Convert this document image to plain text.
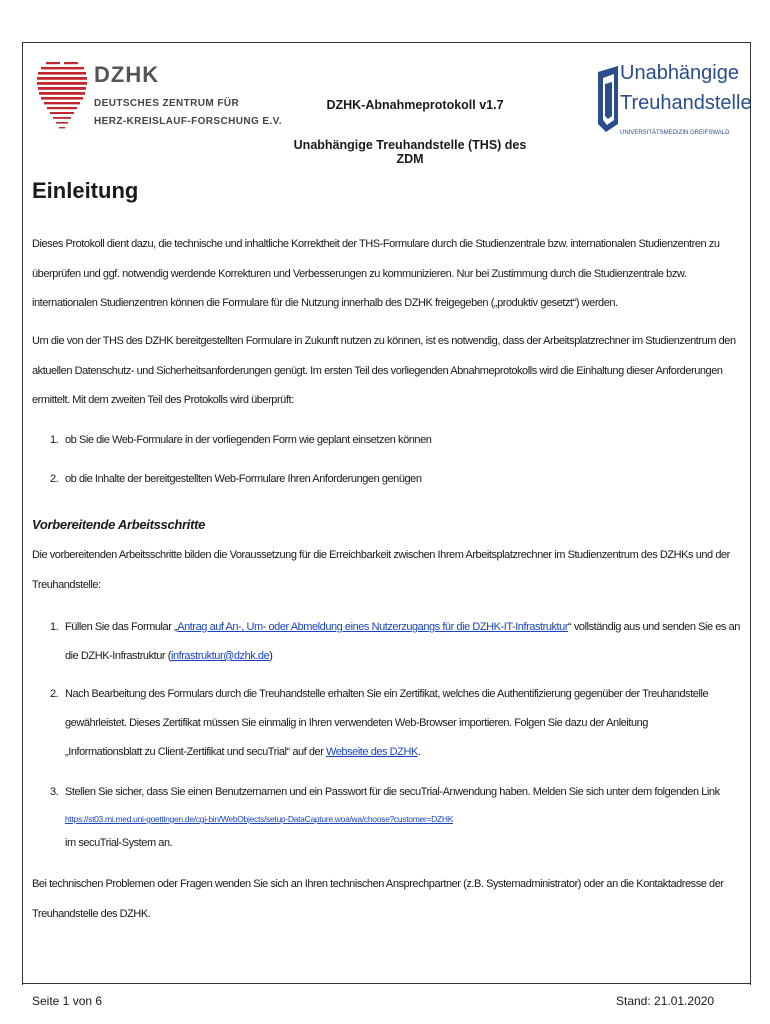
DZHK
DEUTSCHES ZENTRUM FÜR
HERZ-KREISLAUF-FORSCHUNG E.V.
Unabhängige
Treuhandstelle
UNIVERSITÄTSMEDIZIN GREIFSWALD
DZHK-Abnahmeprotokoll v1.7
Unabhängige Treuhandstelle (THS) des ZDM
Einleitung
Dieses Protokoll dient dazu, die technische und inhaltliche Korrektheit der THS-Formulare durch die Studienzentrale bzw. internationalen Studienzentren zu
überprüfen und ggf. notwendig werdende Korrekturen und Verbesserungen zu kommunizieren. Nur bei Zustimmung durch die Studienzentrale bzw.
internationalen Studienzentren können die Formulare für die Nutzung innerhalb des DZHK freigegeben („produktiv gesetzt“) werden.
Um die von der THS des DZHK bereitgestellten Formulare in Zukunft nutzen zu können, ist es notwendig, dass der Arbeitsplatzrechner im Studienzentrum den
aktuellen Datenschutz- und Sicherheitsanforderungen genügt. Im ersten Teil des vorliegenden Abnahmeprotokolls wird die Einhaltung dieser Anforderungen
ermittelt. Mit dem zweiten Teil des Protokolls wird überprüft:
1. ob Sie die Web-Formulare in der vorliegenden Form wie geplant einsetzen können
2. ob die Inhalte der bereitgestellten Web-Formulare Ihren Anforderungen genügen
Vorbereitende Arbeitsschritte
Die vorbereitenden Arbeitsschritte bilden die Voraussetzung für die Erreichbarkeit zwischen Ihrem Arbeitsplatzrechner im Studienzentrum des DZHKs und der
Treuhandstelle:
1. Füllen Sie das Formular „Antrag auf An-, Um- oder Abmeldung eines Nutzerzugangs für die DZHK-IT-Infrastruktur“ vollständig aus und senden Sie es an
die DZHK-Infrastruktur (infrastruktur@dzhk.de)
2. Nach Bearbeitung des Formulars durch die Treuhandstelle erhalten Sie ein Zertifikat, welches die Authentifizierung gegenüber der Treuhandstelle
gewährleistet. Dieses Zertifikat müssen Sie einmalig in Ihren verwendeten Web-Browser importieren. Folgen Sie dazu der Anleitung
„Informationsblatt zu Client-Zertifikat und secuTrial“ auf der Webseite des DZHK.
3. Stellen Sie sicher, dass Sie einen Benutzernamen und ein Passwort für die secuTrial-Anwendung haben. Melden Sie sich unter dem folgenden Link
https://st03.mi.med.uni-goettingen.de/cgi-bin/WebObjects/setup-DataCapture.woa/wa/choose?customer=DZHK
im secuTrial-System an.
Bei technischen Problemen oder Fragen wenden Sie sich an Ihren technischen Ansprechpartner (z.B. Systemadministrator) oder an die Kontaktadresse der
Treuhandstelle des DZHK.
Seite 1 von 6	Stand: 21.01.2020
